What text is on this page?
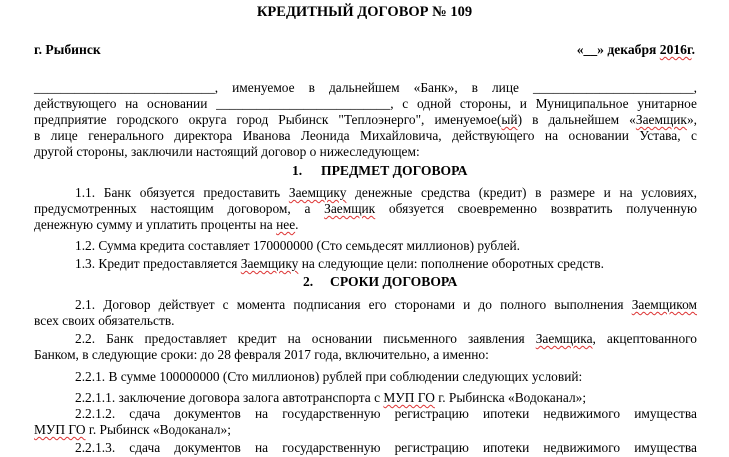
КРЕДИТНЫЙ ДОГОВОР № 109
г. Рыбинск	«__» декабря 2016г.
___________________________, именуемое в дальнейшем «Банк», в лице ________________________,
действующего на основании __________________________, с одной стороны, и Муниципальное унитарное
предприятие городского округа город Рыбинск "Теплоэнерго", именуемое(ый) в дальнейшем «Заемщик»,
в лице генерального директора Иванова Леонида Михайловича, действующего на основании Устава, с
другой стороны, заключили настоящий договор о нижеследующем:
1. ПРЕДМЕТ ДОГОВОРА
1.1. Банк обязуется предоставить Заемщику денежные средства (кредит) в размере и на условиях,
предусмотренных настоящим договором, а Заемщик обязуется своевременно возвратить полученную
денежную сумму и уплатить проценты на нее.
1.2. Сумма кредита составляет 170000000 (Сто семьдесят миллионов) рублей.
1.3. Кредит предоставляется Заемщику на следующие цели: пополнение оборотных средств.
2. СРОКИ ДОГОВОРА
2.1. Договор действует с момента подписания его сторонами и до полного выполнения Заемщиком
всех своих обязательств.
2.2. Банк предоставляет кредит на основании письменного заявления Заемщика, акцептованного
Банком, в следующие сроки: до 28 февраля 2017 года, включительно, а именно:
2.2.1. В сумме 100000000 (Сто миллионов) рублей при соблюдении следующих условий:
2.2.1.1. заключение договора залога автотранспорта с МУП ГО г. Рыбинска «Водоканал»;
2.2.1.2. сдача документов на государственную регистрацию ипотеки недвижимого имущества
МУП ГО г. Рыбинск «Водоканал»;
2.2.1.3. сдача документов на государственную регистрацию ипотеки недвижимого имущества
